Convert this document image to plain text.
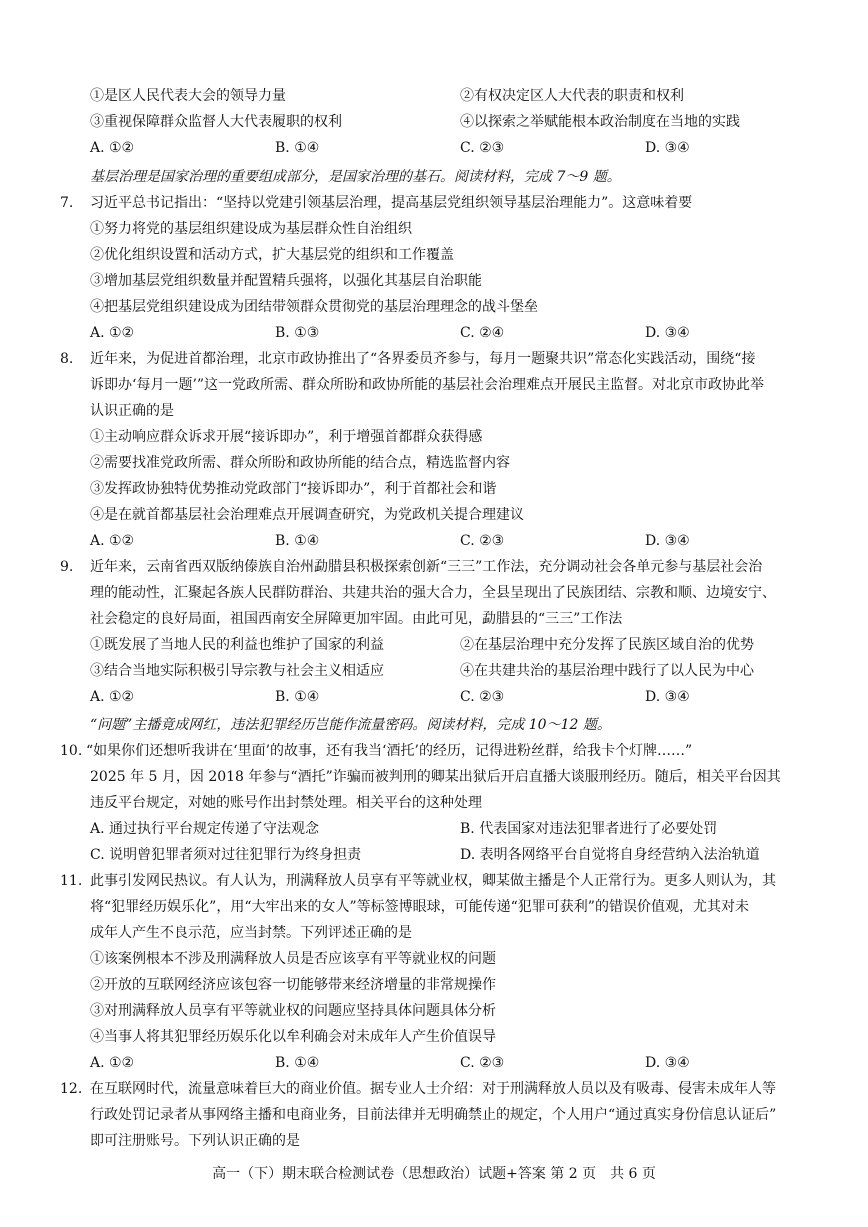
①是区人民代表大会的领导力量	②有权决定区人大代表的职责和权利
③重视保障群众监督人大代表履职的权利	④以探索之举赋能根本政治制度在当地的实践
A. ①②	B. ①④	C. ②③	D. ③④
基层治理是国家治理的重要组成部分，是国家治理的基石。阅读材料，完成 7～9 题。
7. 习近平总书记指出：“坚持以党建引领基层治理，提高基层党组织领导基层治理能力”。这意味着要
①努力将党的基层组织建设成为基层群众性自治组织
②优化组织设置和活动方式，扩大基层党的组织和工作覆盖
③增加基层党组织数量并配置精兵强将，以强化其基层自治职能
④把基层党组织建设成为团结带领群众贯彻党的基层治理理念的战斗堡垒
A. ①②	B. ①③	C. ②④	D. ③④
8. 近年来，为促进首都治理，北京市政协推出了“各界委员齐参与，每月一题聚共识”常态化实践活动，围绕“接
诉即办‘每月一题’”这一党政所需、群众所盼和政协所能的基层社会治理难点开展民主监督。对北京市政协此举
认识正确的是
①主动响应群众诉求开展“接诉即办”，利于增强首都群众获得感
②需要找准党政所需、群众所盼和政协所能的结合点，精选监督内容
③发挥政协独特优势推动党政部门“接诉即办”，利于首都社会和谐
④是在就首都基层社会治理难点开展调查研究，为党政机关提合理建议
A. ①②	B. ①④	C. ②③	D. ③④
9. 近年来，云南省西双版纳傣族自治州勐腊县积极探索创新“三三”工作法，充分调动社会各单元参与基层社会治
理的能动性，汇聚起各族人民群防群治、共建共治的强大合力，全县呈现出了民族团结、宗教和顺、边境安宁、
社会稳定的良好局面，祖国西南安全屏障更加牢固。由此可见，勐腊县的“三三”工作法
①既发展了当地人民的利益也维护了国家的利益	②在基层治理中充分发挥了民族区域自治的优势
③结合当地实际积极引导宗教与社会主义相适应	④在共建共治的基层治理中践行了以人民为中心
A. ①②	B. ①④	C. ②③	D. ③④
“问题”主播竟成网红，违法犯罪经历岂能作流量密码。阅读材料，完成 10～12 题。
10. “如果你们还想听我讲在‘里面’的故事，还有我当‘酒托’的经历，记得进粉丝群，给我卡个灯牌……”
2025 年 5 月，因 2018 年参与“酒托”诈骗而被判刑的卿某出狱后开启直播大谈服刑经历。随后，相关平台因其
违反平台规定，对她的账号作出封禁处理。相关平台的这种处理
A. 通过执行平台规定传递了守法观念	B. 代表国家对违法犯罪者进行了必要处罚
C. 说明曾犯罪者须对过往犯罪行为终身担责	D. 表明各网络平台自觉将自身经营纳入法治轨道
11. 此事引发网民热议。有人认为，刑满释放人员享有平等就业权，卿某做主播是个人正常行为。更多人则认为，其
将“犯罪经历娱乐化”，用“大牢出来的女人”等标签博眼球，可能传递“犯罪可获利”的错误价值观，尤其对未
成年人产生不良示范，应当封禁。下列评述正确的是
①该案例根本不涉及刑满释放人员是否应该享有平等就业权的问题
②开放的互联网经济应该包容一切能够带来经济增量的非常规操作
③对刑满释放人员享有平等就业权的问题应坚持具体问题具体分析
④当事人将其犯罪经历娱乐化以牟利确会对未成年人产生价值误导
A. ①②	B. ①④	C. ②③	D. ③④
12. 在互联网时代，流量意味着巨大的商业价值。据专业人士介绍：对于刑满释放人员以及有吸毒、侵害未成年人等
行政处罚记录者从事网络主播和电商业务，目前法律并无明确禁止的规定，个人用户“通过真实身份信息认证后”
即可注册账号。下列认识正确的是
高一（下）期末联合检测试卷（思想政治）试题+答案 第 2 页　共 6 页
